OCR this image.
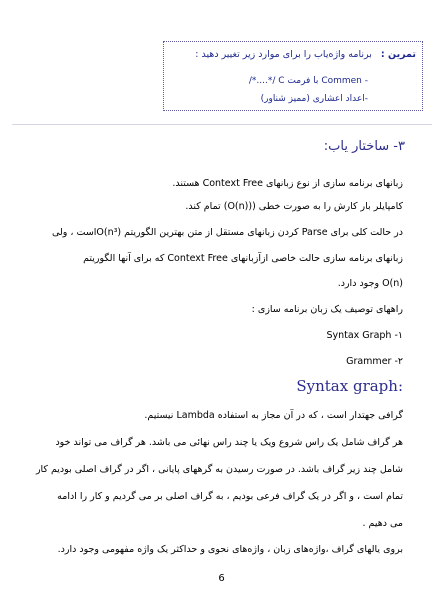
تمرین : برنامه واژه‌یاب را برای موارد زیر تغییر دهید :
- Commen با فرمت C /*....*/
-اعداد اعشاری (ممیز شناور)
۳- ساختار یاب:
زبانهای برنامه سازی از نوع زبانهای Context Free هستند.
کامپایلر بار کارش را به صورت خطی ((O(n)) تمام کند.
در حالت کلی برای Parse کردن زبانهای مستقل از متن بهترین الگوریتم O(n³)است ، ولی
زبانهای برنامه سازی حالت خاصی ازآزبانهای Context Free که برای آنها الگوریتم
O(n) وجود دارد.
راههای توصیف یک زبان برنامه سازی :
Syntax Graph -۱
Grammer -۲
Syntax graph:
گرافی جهتدار است ، که در آن مجاز به استفاده Lambda نیستیم.
هر گراف شامل یک راس شروع ویک یا چند راس نهائی می باشد. هر گراف می تواند خود
شامل چند زیر گراف باشد. در صورت رسیدن به گرههای پایانی ، اگر در گراف اصلی بودیم کار
تمام است ، و اگر در یک گراف فرعی بودیم ، به گراف اصلی بر می گردیم و کار را ادامه
می دهیم .
بروی یالهای گراف ،واژه‌های زبان ، واژه‌های نحوی و حداکثر یک واژه مفهومی وجود دارد.
6
